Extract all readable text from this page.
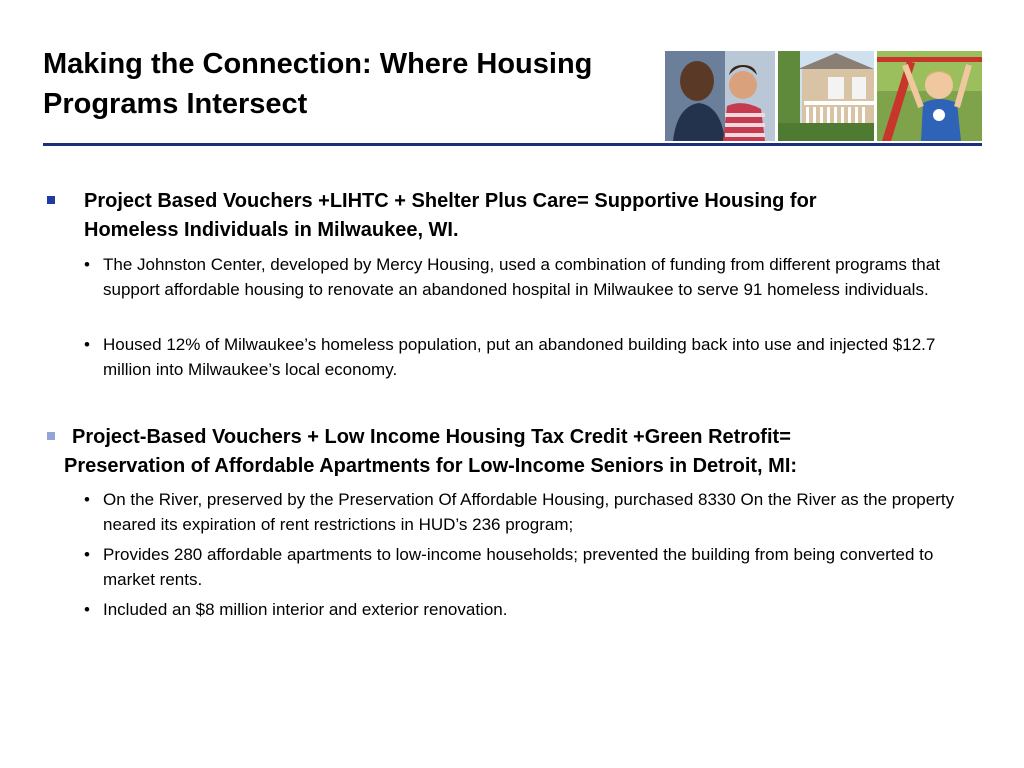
Making the Connection: Where Housing
Programs Intersect
Project Based Vouchers +LIHTC + Shelter Plus Care= Supportive Housing for
Homeless Individuals in Milwaukee, WI.
• The Johnston Center, developed by Mercy Housing, used a combination of funding from different programs that support affordable housing to renovate an abandoned hospital in Milwaukee to serve 91 homeless individuals.
• Housed 12% of Milwaukee’s homeless population, put an abandoned building back into use and injected $12.7 million into Milwaukee’s local economy.
Project-Based Vouchers + Low Income Housing Tax Credit +Green Retrofit=
Preservation of Affordable Apartments for Low-Income Seniors in Detroit, MI:
• On the River, preserved by the Preservation Of Affordable Housing, purchased 8330 On the River as the property neared its expiration of rent restrictions in HUD’s 236 program;
• Provides 280 affordable apartments to low-income households; prevented the building from being converted to market rents.
• Included an $8 million interior and exterior renovation.
